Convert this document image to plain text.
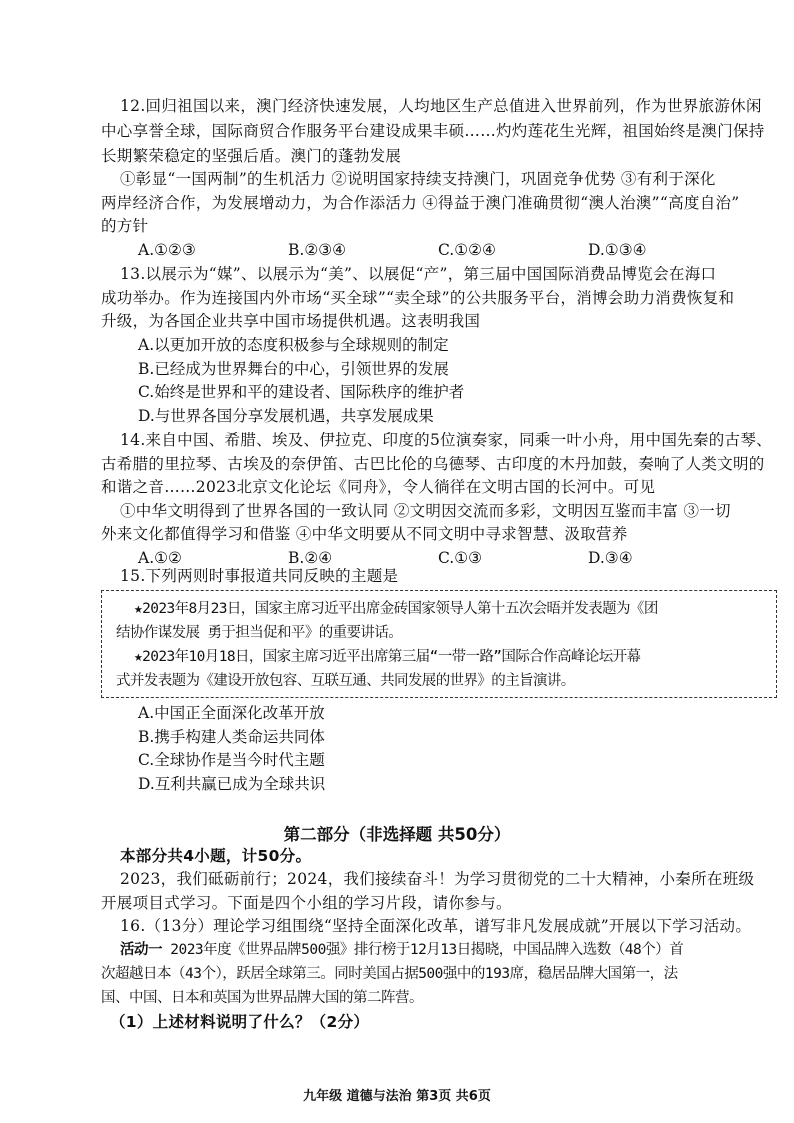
12.回归祖国以来，澳门经济快速发展，人均地区生产总值进入世界前列，作为世界旅游休闲
中心享誉全球，国际商贸合作服务平台建设成果丰硕……灼灼莲花生光辉，祖国始终是澳门保持
长期繁荣稳定的坚强后盾。澳门的蓬勃发展
①彰显“一国两制”的生机活力 ②说明国家持续支持澳门，巩固竞争优势 ③有利于深化
两岸经济合作，为发展增动力，为合作添活力 ④得益于澳门准确贯彻“澳人治澳”“高度自治”
的方针
A.①②③	B.②③④	C.①②④	D.①③④
13.以展示为“媒”、以展示为“美”、以展促“产”，第三届中国国际消费品博览会在海口
成功举办。作为连接国内外市场“买全球”“卖全球”的公共服务平台，消博会助力消费恢复和
升级，为各国企业共享中国市场提供机遇。这表明我国
A.以更加开放的态度积极参与全球规则的制定
B.已经成为世界舞台的中心，引领世界的发展
C.始终是世界和平的建设者、国际秩序的维护者
D.与世界各国分享发展机遇，共享发展成果
14.来自中国、希腊、埃及、伊拉克、印度的5位演奏家，同乘一叶小舟，用中国先秦的古琴、
古希腊的里拉琴、古埃及的奈伊笛、古巴比伦的乌德琴、古印度的木丹加鼓，奏响了人类文明的
和谐之音……2023北京文化论坛《同舟》，令人徜徉在文明古国的长河中。可见
①中华文明得到了世界各国的一致认同 ②文明因交流而多彩，文明因互鉴而丰富 ③一切
外来文化都值得学习和借鉴 ④中华文明要从不同文明中寻求智慧、汲取营养
A.①②	B.②④	C.①③	D.③④
15.下列两则时事报道共同反映的主题是
★2023年8月23日，国家主席习近平出席金砖国家领导人第十五次会晤并发表题为《团
结协作谋发展 勇于担当促和平》的重要讲话。
★2023年10月18日，国家主席习近平出席第三届“一带一路”国际合作高峰论坛开幕
式并发表题为《建设开放包容、互联互通、共同发展的世界》的主旨演讲。
A.中国正全面深化改革开放
B.携手构建人类命运共同体
C.全球协作是当今时代主题
D.互利共赢已成为全球共识
第二部分（非选择题 共50分）
本部分共4小题，计50分。
2023，我们砥砺前行；2024，我们接续奋斗！为学习贯彻党的二十大精神，小秦所在班级
开展项目式学习。下面是四个小组的学习片段，请你参与。
16.（13分）理论学习组围绕“坚持全面深化改革，谱写非凡发展成就”开展以下学习活动。
活动一 2023年度《世界品牌500强》排行榜于12月13日揭晓，中国品牌入选数（48个）首
次超越日本（43个），跃居全球第三。同时美国占据500强中的193席，稳居品牌大国第一，法
国、中国、日本和英国为世界品牌大国的第二阵营。
（1）上述材料说明了什么？（2分）
九年级 道德与法治 第3页 共6页
